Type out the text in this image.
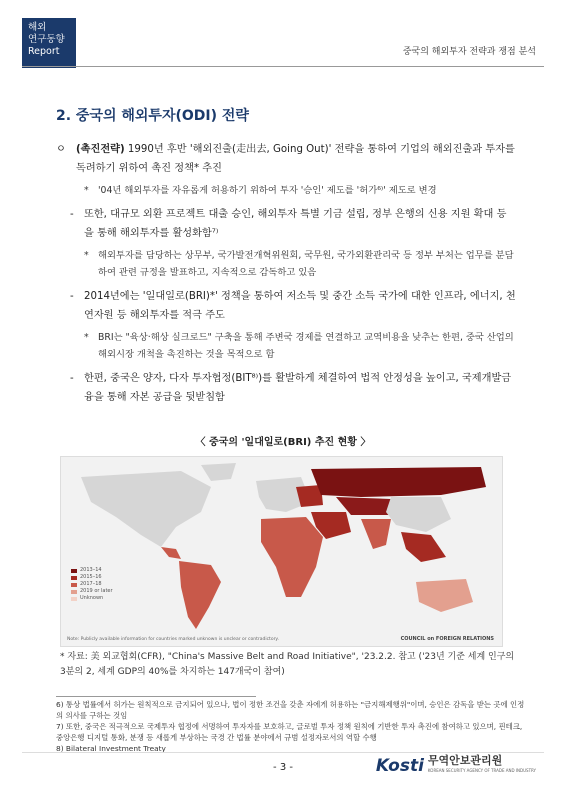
해외
연구동향
Report	중국의 해외투자 전략과 쟁점 분석
2. 중국의 해외투자(ODI) 전략
ㅇ (촉진전략) 1990년 후반 '해외진출(走出去, Going Out)' 전략을 통하여 기업의 해외진출과 투자를 독려하기 위하여 촉진 정책* 추진
* '04년 해외투자를 자유롭게 허용하기 위하여 투자 '승인' 제도를 '허가⁶⁾' 제도로 변경
- 또한, 대규모 외환 프로젝트 대출 승인, 해외투자 특별 기금 설립, 정부 은행의 신용 지원 확대 등을 통해 해외투자를 활성화함⁷⁾
* 해외투자를 담당하는 상무부, 국가발전개혁위원회, 국무원, 국가외환관리국 등 정부 부처는 업무를 분담하여 관련 규정을 발표하고, 지속적으로 감독하고 있음
- 2014년에는 '일대일로(BRI)*' 정책을 통하여 저소득 및 중간 소득 국가에 대한 인프라, 에너지, 천연자원 등 해외투자를 적극 주도
* BRI는 "육상·해상 실크로드" 구축을 통해 주변국 경제를 연결하고 교역비용을 낮추는 한편, 중국 산업의 해외시장 개척을 촉진하는 것을 목적으로 함
- 한편, 중국은 양자, 다자 투자협정(BIT⁸⁾)를 활발하게 체결하여 법적 안정성을 높이고, 국제개발금융을 통해 자본 공급을 뒷받침함
〈 중국의 '일대일로(BRI) 추진 현황 〉
2013–14
2015–16
2017–18
2019 or later
Unknown
Note: Publicly available information for countries marked unknown is unclear or contradictory.	COUNCIL on FOREIGN RELATIONS
* 자료: 美 외교협회(CFR), "China's Massive Belt and Road Initiative", '23.2.2. 참고 ('23년 기준 세계 인구의 3분의 2, 세계 GDP의 40%를 차지하는 147개국이 참여)
6) 통상 법률에서 허가는 원칙적으로 금지되어 있으나, 법이 정한 조건을 갖춘 자에게 허용하는 "금지해제행위"이며, 승인은 감독을 받는 곳에 인정의 의사를 구하는 것임
7) 또한, 중국은 적극적으로 국제투자 협정에 서명하여 투자자를 보호하고, 글로벌 투자 정책 원칙에 기반한 투자 촉진에 참여하고 있으며, 핀테크, 중앙은행 디지털 통화, 분쟁 등 새롭게 부상하는 국경 간 법률 분야에서 규범 설정자로서의 역할 수행
8) Bilateral Investment Treaty
- 3 -	Kosti 무역안보관리원
KOREAN SECURITY AGENCY OF TRADE AND INDUSTRY
